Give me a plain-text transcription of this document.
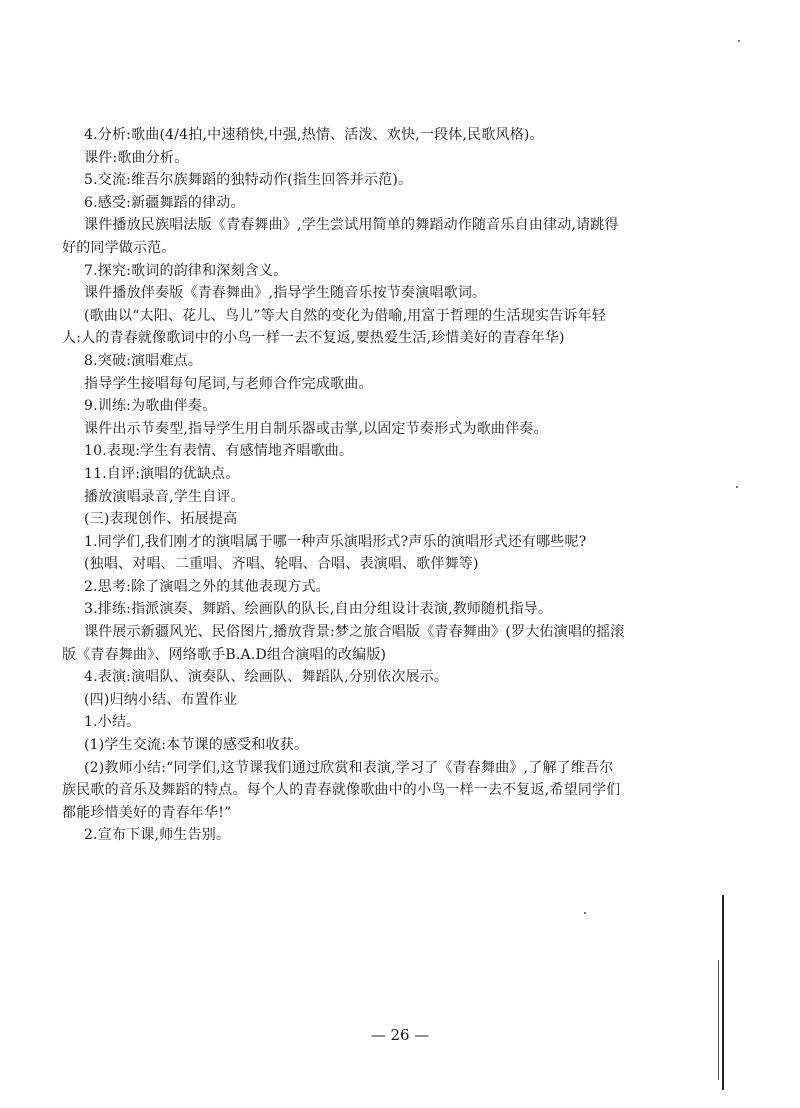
4.分析:歌曲(4/4拍,中速稍快,中强,热情、活泼、欢快,一段体,民歌风格)。
课件:歌曲分析。
5.交流:维吾尔族舞蹈的独特动作(指生回答并示范)。
6.感受:新疆舞蹈的律动。
课件播放民族唱法版《青春舞曲》,学生尝试用简单的舞蹈动作随音乐自由律动,请跳得
好的同学做示范。
7.探究:歌词的韵律和深刻含义。
课件播放伴奏版《青春舞曲》,指导学生随音乐按节奏演唱歌词。
(歌曲以“太阳、花儿、鸟儿”等大自然的变化为借喻,用富于哲理的生活现实告诉年轻
人:人的青春就像歌词中的小鸟一样一去不复返,要热爱生活,珍惜美好的青春年华)
8.突破:演唱难点。
指导学生接唱每句尾词,与老师合作完成歌曲。
9.训练:为歌曲伴奏。
课件出示节奏型,指导学生用自制乐器或击掌,以固定节奏形式为歌曲伴奏。
10.表现:学生有表情、有感情地齐唱歌曲。
11.自评:演唱的优缺点。
播放演唱录音,学生自评。
(三)表现创作、拓展提高
1.同学们,我们刚才的演唱属于哪一种声乐演唱形式?声乐的演唱形式还有哪些呢?
(独唱、对唱、二重唱、齐唱、轮唱、合唱、表演唱、歌伴舞等)
2.思考:除了演唱之外的其他表现方式。
3.排练:指派演奏、舞蹈、绘画队的队长,自由分组设计表演,教师随机指导。
课件展示新疆风光、民俗图片,播放背景:梦之旅合唱版《青春舞曲》(罗大佑演唱的摇滚
版《青春舞曲》、网络歌手B.A.D组合演唱的改编版)
4.表演:演唱队、演奏队、绘画队、舞蹈队,分别依次展示。
(四)归纳小结、布置作业
1.小结。
(1)学生交流:本节课的感受和收获。
(2)教师小结:“同学们,这节课我们通过欣赏和表演,学习了《青春舞曲》,了解了维吾尔
族民歌的音乐及舞蹈的特点。每个人的青春就像歌曲中的小鸟一样一去不复返,希望同学们
都能珍惜美好的青春年华!”
2.宣布下课,师生告别。
— 26 —
